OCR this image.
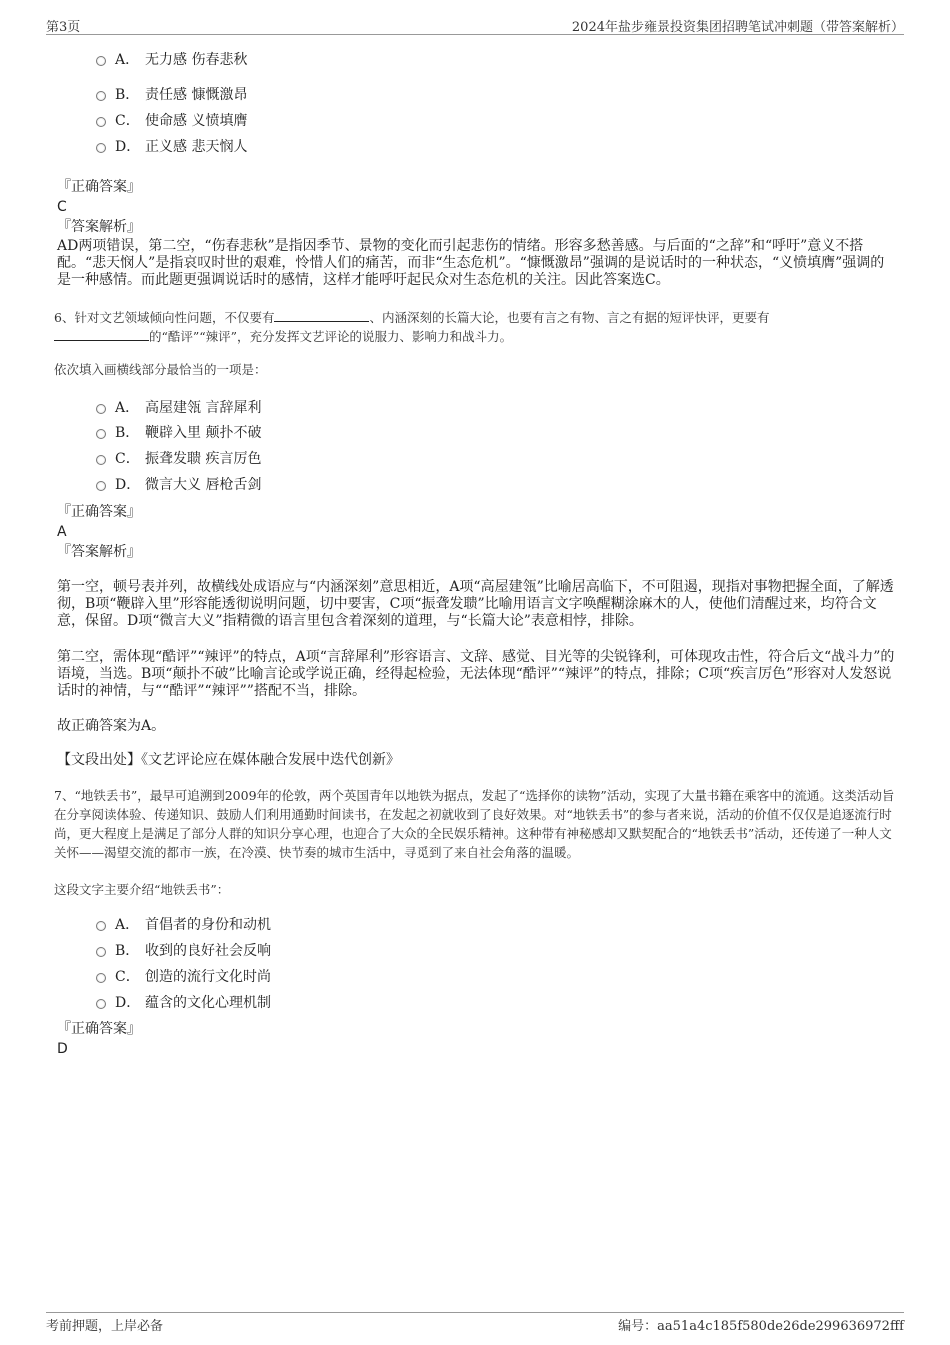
第3页	2024年盐步雍景投资集团招聘笔试冲刺题（带答案解析）
A． 无力感 伤春悲秋
B． 责任感 慷慨激昂
C． 使命感 义愤填膺
D． 正义感 悲天悯人
『正确答案』
C
『答案解析』
AD两项错误，第二空，“伤春悲秋”是指因季节、景物的变化而引起悲伤的情绪。形容多愁善感。与后面的“之辞”和“呼吁”意义不搭配。“悲天悯人”是指哀叹时世的艰难，怜惜人们的痛苦，而非“生态危机”。“慷慨激昂”强调的是说话时的一种状态，“义愤填膺”强调的是一种感情。而此题更强调说话时的感情，这样才能呼吁起民众对生态危机的关注。因此答案选C。
6、针对文艺领域倾向性问题，不仅要有	、内涵深刻的长篇大论，也要有言之有物、言之有据的短评快评，更要有
的“酷评”“辣评”，充分发挥文艺评论的说服力、影响力和战斗力。
依次填入画横线部分最恰当的一项是：
A． 高屋建瓴 言辞犀利
B． 鞭辟入里 颠扑不破
C． 振聋发聩 疾言厉色
D． 微言大义 唇枪舌剑
『正确答案』
A
『答案解析』
第一空，顿号表并列，故横线处成语应与“内涵深刻”意思相近，A项“高屋建瓴”比喻居高临下，不可阻遏，现指对事物把握全面，了解透彻，B项“鞭辟入里”形容能透彻说明问题，切中要害，C项“振聋发聩”比喻用语言文字唤醒糊涂麻木的人，使他们清醒过来，均符合文意，保留。D项“微言大义”指精微的语言里包含着深刻的道理，与“长篇大论”表意相悖，排除。
第二空，需体现“酷评”“辣评”的特点，A项“言辞犀利”形容语言、文辞、感觉、目光等的尖锐锋利，可体现攻击性，符合后文“战斗力”的语境，当选。B项“颠扑不破”比喻言论或学说正确，经得起检验，无法体现“酷评”“辣评”的特点，排除；C项“疾言厉色”形容对人发怒说话时的神情，与““酷评”“辣评””搭配不当，排除。
故正确答案为A。
【文段出处】《文艺评论应在媒体融合发展中迭代创新》
7、“地铁丢书”，最早可追溯到2009年的伦敦，两个英国青年以地铁为据点，发起了“选择你的读物”活动，实现了大量书籍在乘客中的流通。这类活动旨在分享阅读体验、传递知识、鼓励人们利用通勤时间读书，在发起之初就收到了良好效果。对“地铁丢书”的参与者来说，活动的价值不仅仅是追逐流行时尚，更大程度上是满足了部分人群的知识分享心理，也迎合了大众的全民娱乐精神。这种带有神秘感却又默契配合的“地铁丢书”活动，还传递了一种人文关怀——渴望交流的都市一族，在冷漠、快节奏的城市生活中，寻觅到了来自社会角落的温暖。
这段文字主要介绍“地铁丢书”：
A． 首倡者的身份和动机
B． 收到的良好社会反响
C． 创造的流行文化时尚
D． 蕴含的文化心理机制
『正确答案』
D
考前押题，上岸必备	编号：aa51a4c185f580de26de299636972fff
